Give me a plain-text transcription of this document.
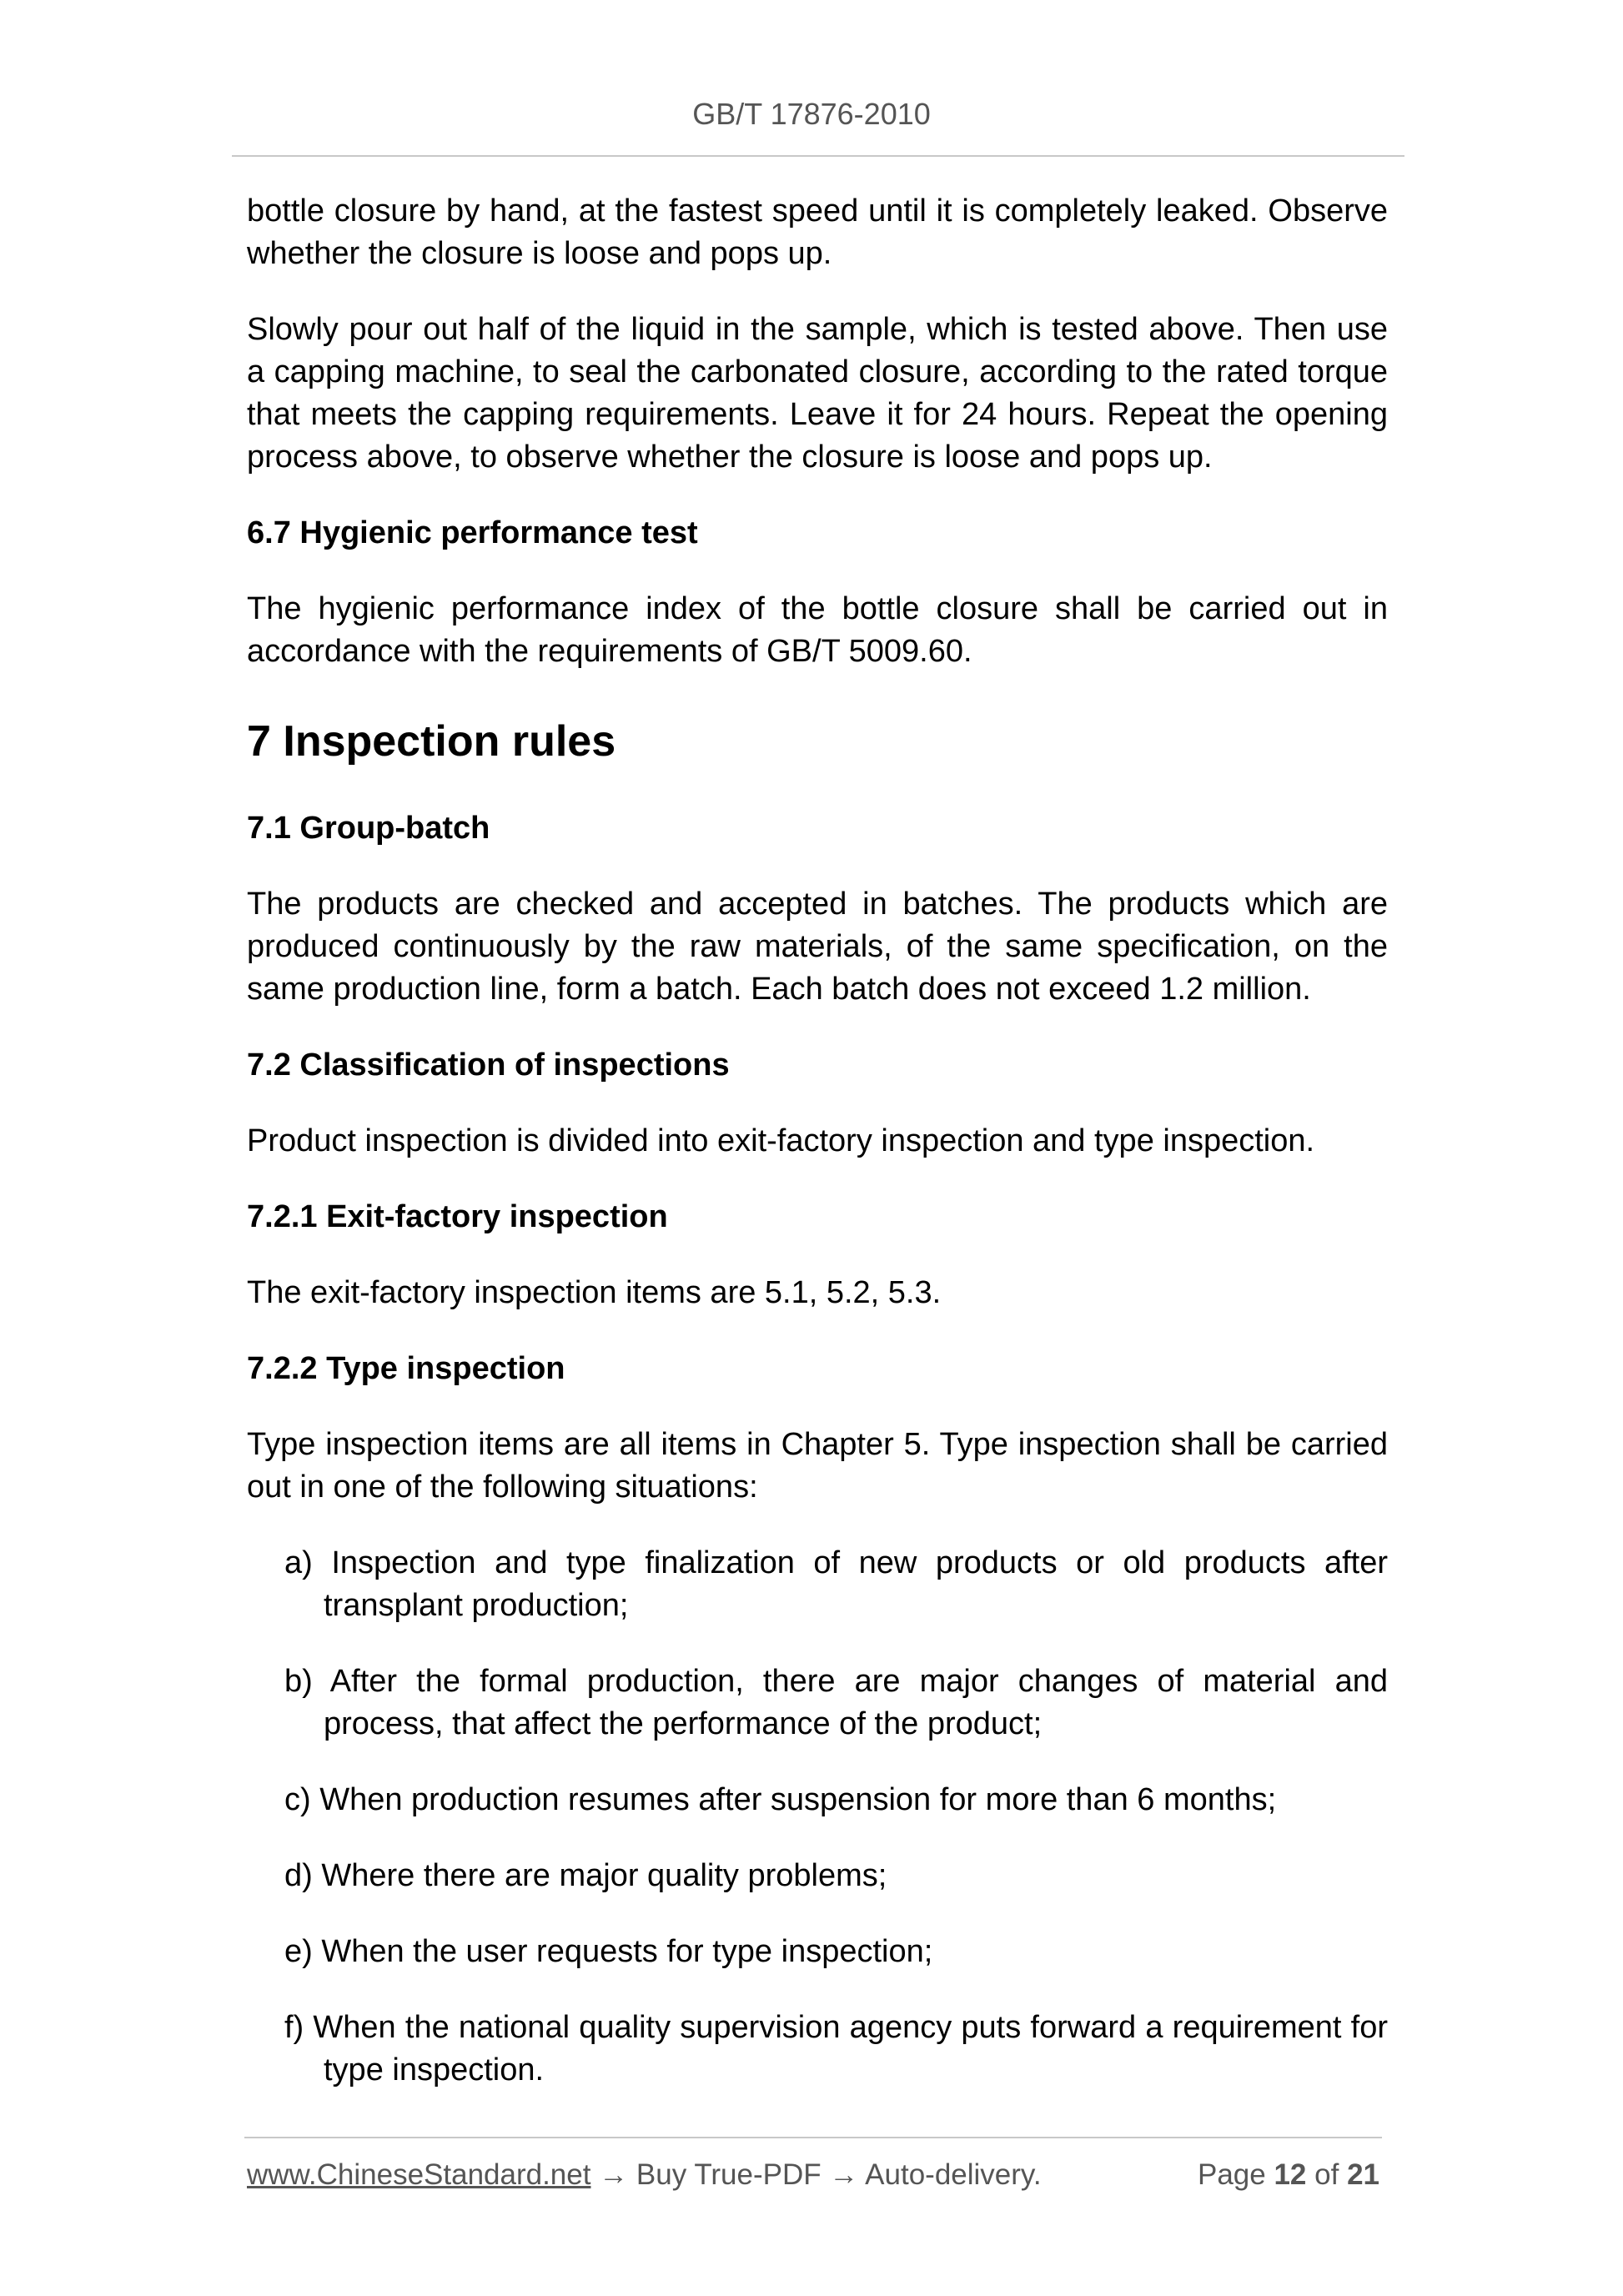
GB/T 17876-2010

bottle closure by hand, at the fastest speed until it is completely leaked. Observe whether the closure is loose and pops up.

Slowly pour out half of the liquid in the sample, which is tested above. Then use a capping machine, to seal the carbonated closure, according to the rated torque that meets the capping requirements. Leave it for 24 hours. Repeat the opening process above, to observe whether the closure is loose and pops up.

6.7 Hygienic performance test

The hygienic performance index of the bottle closure shall be carried out in accordance with the requirements of GB/T 5009.60.

7 Inspection rules
7.1 Group-batch

The products are checked and accepted in batches. The products which are produced continuously by the raw materials, of the same specification, on the same production line, form a batch. Each batch does not exceed 1.2 million.

7.2 Classification of inspections

Product inspection is divided into exit-factory inspection and type inspection.

7.2.1 Exit-factory inspection

The exit-factory inspection items are 5.1, 5.2, 5.3.

7.2.2 Type inspection

Type inspection items are all items in Chapter 5. Type inspection shall be carried out in one of the following situations:

a) Inspection and type finalization of new products or old products after transplant production;

b) After the formal production, there are major changes of material and process, that affect the performance of the product;

c) When production resumes after suspension for more than 6 months;

d) Where there are major quality problems;

e) When the user requests for type inspection;

f) When the national quality supervision agency puts forward a requirement for type inspection.

www.ChineseStandard.net → Buy True-PDF → Auto-delivery.	Page 12 of 21
